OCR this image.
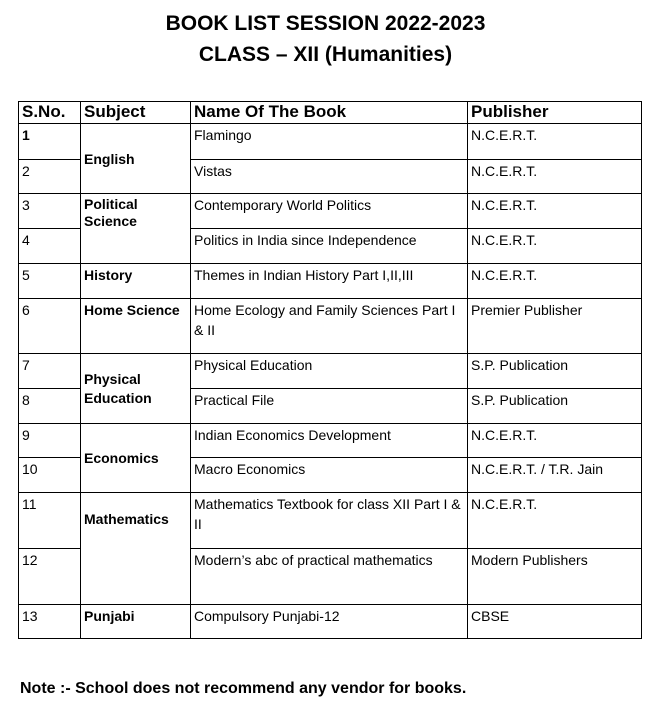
BOOK LIST SESSION 2022-2023
CLASS – XII (Humanities)
S.No.	Subject	Name Of The Book	Publisher
1	English	Flamingo	N.C.E.R.T.
2		Vistas	N.C.E.R.T.
3	Political Science	Contemporary World Politics	N.C.E.R.T.
4		Politics in India since Independence	N.C.E.R.T.
5	History	Themes in Indian History Part I,II,III	N.C.E.R.T.
6	Home Science	Home Ecology and Family Sciences Part I & II	Premier Publisher
7	Physical Education	Physical Education	S.P. Publication
8		Practical File	S.P. Publication
9	Economics	Indian Economics Development	N.C.E.R.T.
10		Macro Economics	N.C.E.R.T. / T.R. Jain
11	Mathematics	Mathematics Textbook for class XII Part I & II	N.C.E.R.T.
12		Modern’s abc of practical mathematics	Modern Publishers
13	Punjabi	Compulsory Punjabi-12	CBSE
Note :- School does not recommend any vendor for books.
